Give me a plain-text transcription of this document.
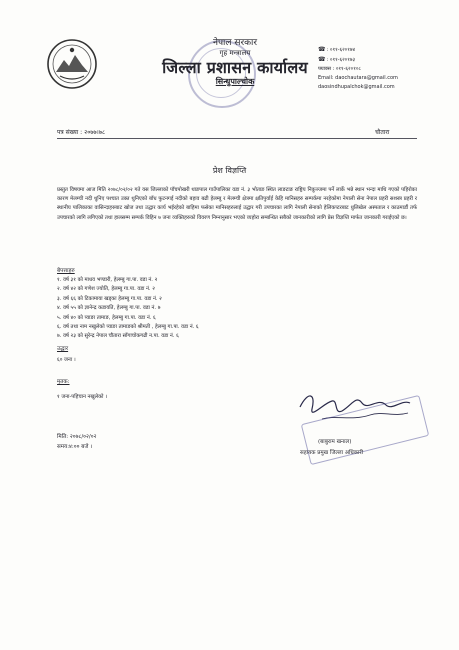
नेपाल सरकार
गृह मन्त्रालय
जिल्ला प्रशासन कार्यालय
सिन्धुपाल्चोक
☎ : ०११-६२०१७४
☎ : ०११-६२०१७३
फ्याक्स : ०११-६२०१०८
Email: daochautara@gmail.com
daosindhupalchok@gmail.com
पत्र संख्या : २०७७।७८	चौतारा
प्रेश विज्ञप्ति
प्रस्तुत विषयमा आज मिति २०७८/०२/०२ गते यस जिल्लाको पाँचपोखरी थाङपाल गाउँपालिका वडा नं. ३ भोताङ स्थित लाङटाङ राष्ट्रिय निकुञ्जमा पर्ने लार्के भन्ने स्थान भन्दा माथि गएको पहिरोका कारण मेलम्ची नदी थुनिए पश्चात उक्त थुनिएको बाँध फुटनगई नदीको बहाव बढी हेलम्बु र मेलम्ची क्षेत्रमा क्षतिपुर्याई केहि मानिसहरु सम्पर्कमा नरहेकोमा नेपाली सेना नेपाल प्रहरी सशस्त्र प्रहरी र स्थानीय पालिकाका वासिन्दाहरुबाट खोज तथा उद्धार कार्य भईरहेको बाहिमा फसेका मानिसहरुलाई उद्धार गरी उपचारका लागि नेपाली सेनाको हेलिकप्टरबाट धुलिखेल अस्पताल र काठमाडौं तर्फ उपचारको लागि लगिएको तथा हालसम्म सम्पर्क विहिन ७ जना व्यक्तिहरुको विवरण निम्नानुसार भएको व्यहोरा सम्बन्धित सबैको जानकारीको लागि प्रेस विज्ञप्ति मार्फत जानकारी गराईएको छ।
बेपत्ताहरु
१. वर्ष ३१ को माधव भण्डारी, हेलम्बु गा.पा. वडा नं. २
२. वर्ष ४२ को गणेश ज्योति, हेलम्बु गा.पा. वडा नं. २
३. वर्ष ६६ को टिकामाया खड्का हेलम्बु गा.पा. वडा नं. २
४. वर्ष ५५ को ज्ञानेन्द्र कडायति, हेलम्बु गा.पा. वडा नं. ७
५. वर्ष ४० को प्याङा तामाङ, हेलम्बु गा.पा. वडा नं. ६
६. वर्ष तथा नाम नखुलेको प्याङा तामाङको श्रीमती , हेलम्बु गा.पा. वडा नं. ६
७. वर्ष २३ को सुरेन्द्र नेपाल चौतारा साँगाचोकगढी न.पा. वडा नं. ६
उद्धार
६० जना ।
मृतक:
१ जना-पहिचान नखुलेको ।
मिति: २०७८/०२/०२
समय:४:०० बजे ।
(बाबुराम खनाल)
सहायक प्रमुख जिल्ला अधिकारी
